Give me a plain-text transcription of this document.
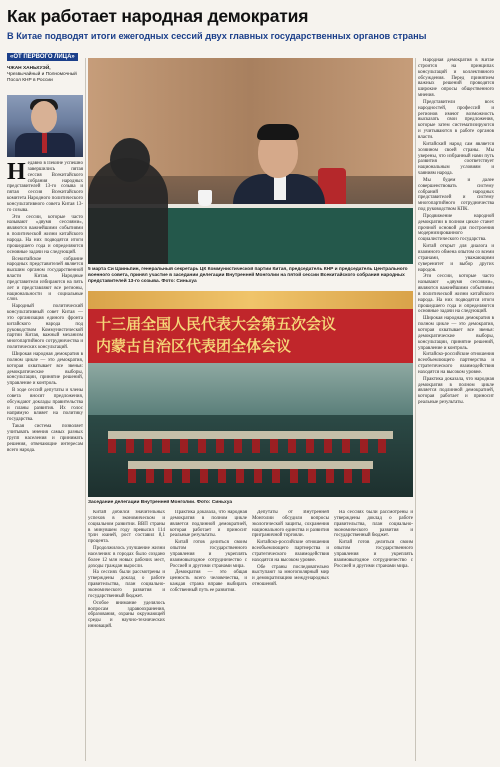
Как работает народная демократия
В Китае подводят итоги ежегодных сессий двух главных государственных органов страны
«ОТ ПЕРВОГО ЛИЦА»
ЧЖАН ХАНЬХУЭЙ,
Чрезвычайный и Полномочный Посол КНР в России

Недавно в Пекине успешно завершились пятая сессия Всекитайского собрания народных представителей 13-го созыва и пятая сессия Всекитайского комитета Народного политического консультативного совета Китая 13-го созыва.

Эти сессии, которые часто называют «двумя сессиями», являются важнейшими событиями в политической жизни китайского народа. На них подводятся итоги прошедшего года и определяются основные задачи на следующий.

Всекитайское собрание народных представителей является высшим органом государственной власти Китая. Народные представители избираются на пять лет и представляют все регионы, национальности и социальные слои.

Народный политический консультативный совет Китая — это организация единого фронта китайского народа под руководством Коммунистической партии Китая, важный механизм многопартийного сотрудничества и политических консультаций.

Широкая народная демократия в полном цикле — это демократия, которая охватывает все звенья: демократические выборы, консультации, принятие решений, управление и контроль.

В ходе сессий депутаты и члены совета вносят предложения, обсуждают доклады правительства и планы развития. Их голос напрямую влияет на политику государства.

Такая система позволяет учитывать мнения самых разных групп населения и принимать решения, отвечающие интересам всего народа.

5 марта Си Цзиньпин, генеральный секретарь ЦК Коммунистической партии Китая, председатель КНР и председатель Центрального военного совета, принял участие в заседании делегации Внутренней Монголии на пятой сессии Всекитайского собрания народных представителей 13-го созыва. Фото: Синьхуа
十三届全国人民代表大会第五次会议
内蒙古自治区代表团全体会议
Заседание делегации Внутренней Монголии. Фото: Синьхуа

Китай добился значительных успехов в экономическом и социальном развитии. ВВП страны в минувшем году превысил 114 трлн юаней, рост составил 8,1 процента.

Продолжилось улучшение жизни населения: в городах было создано более 12 млн новых рабочих мест, доходы граждан выросли.

На сессиях были рассмотрены и утверждены доклад о работе правительства, план социально-экономического развития и государственный бюджет.

Особое внимание уделялось вопросам здравоохранения, образования, охраны окружающей среды и научно-технических инноваций.

Практика доказала, что народная демократия в полном цикле является подлинной демократией, которая работает и приносит реальные результаты.

Китай готов делиться своим опытом государственного управления и укреплять взаимовыгодное сотрудничество с Россией и другими странами мира.

Демократия — это общая ценность всего человечества, и каждая страна вправе выбирать собственный путь ее развития.

Депутаты от Внутренней Монголии обсудили вопросы экологической защиты, сохранения национального единства и развития приграничной торговли.

Китайско-российские отношения всеобъемлющего партнерства и стратегического взаимодействия находятся на высоком уровне.

Обе страны последовательно выступают за многополярный мир и демократизацию международных отношений.

На сессиях были рассмотрены и утверждены доклад о работе правительства, план социально-экономического развития и государственный бюджет.

Китай готов делиться своим опытом государственного управления и укреплять взаимовыгодное сотрудничество с Россией и другими странами мира.

Народная демократия в Китае строится на принципах консультаций и коллективного обсуждения. Перед принятием важных решений проводятся широкие опросы общественного мнения.

Представители всех народностей, профессий и регионов имеют возможность высказать свои предложения, которые затем систематизируются и учитываются в работе органов власти.

Китайский народ сам является хозяином своей страны. Мы уверены, что избранный нами путь развития соответствует национальным условиям и чаяниям народа.

Мы будем и далее совершенствовать систему собраний народных представителей и систему многопартийного сотрудничества под руководством КПК.

Продвижение народной демократии в полном цикле станет прочной основой для построения модернизированного социалистического государства.

Китай открыт для диалога и взаимного обмена опытом со всеми странами, уважающими суверенитет и выбор других народов.

Эти сессии, которые часто называют «двумя сессиями», являются важнейшими событиями в политической жизни китайского народа. На них подводятся итоги прошедшего года и определяются основные задачи на следующий.

Широкая народная демократия в полном цикле — это демократия, которая охватывает все звенья: демократические выборы, консультации, принятие решений, управление и контроль.

Китайско-российские отношения всеобъемлющего партнерства и стратегического взаимодействия находятся на высоком уровне.

Практика доказала, что народная демократия в полном цикле является подлинной демократией, которая работает и приносит реальные результаты.
